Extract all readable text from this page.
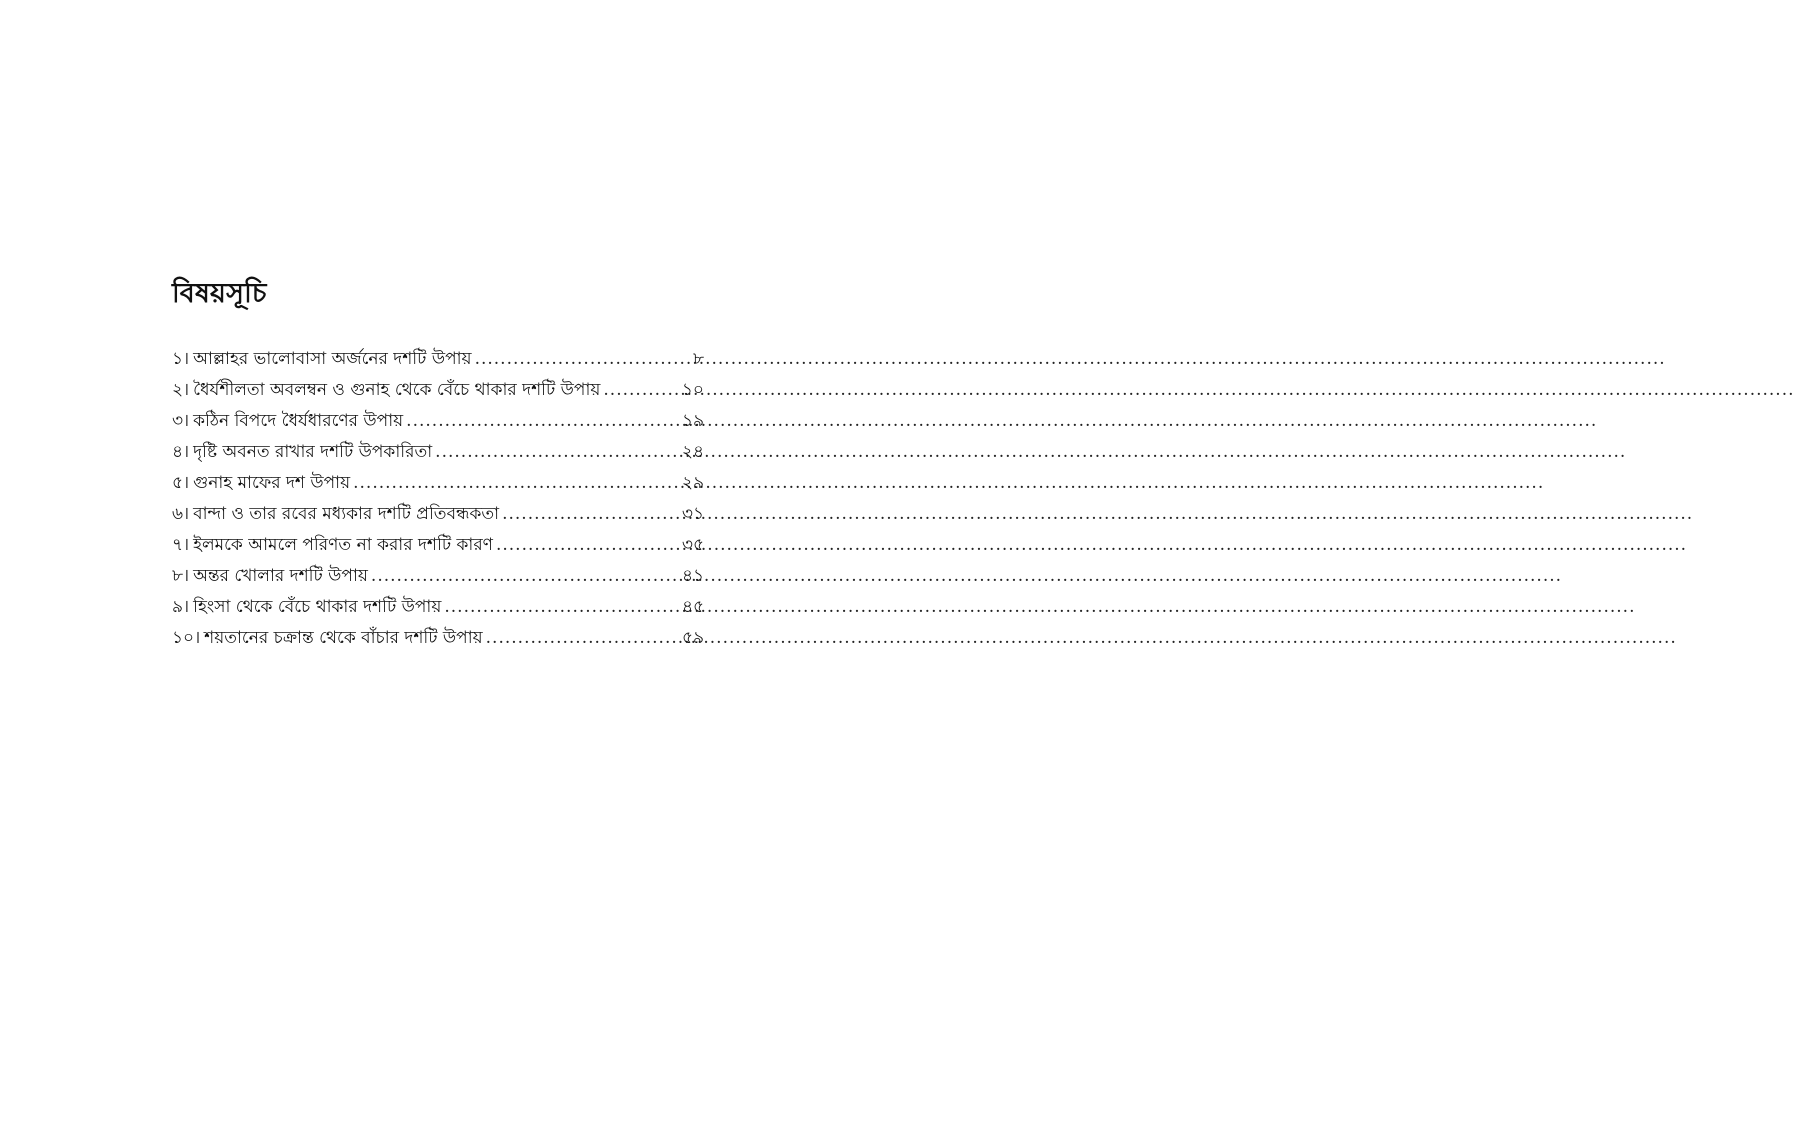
বিষয়সূচি
১। আল্লাহর ভালোবাসা অর্জনের দশটি উপায় .....	৮
২। ধৈর্যশীলতা অবলম্বন ও গুনাহ থেকে বেঁচে থাকার দশটি উপায় .....	১০
৩। কঠিন বিপদে ধৈর্যধারণের উপায় .....	১৯
৪। দৃষ্টি অবনত রাখার দশটি উপকারিতা .....	২৪
৫। গুনাহ মাফের দশ উপায় .....	২৯
৬। বান্দা ও তার রবের মধ্যকার দশটি প্রতিবন্ধকতা .....	৩১
৭। ইলমকে আমলে পরিণত না করার দশটি কারণ .....	৩৫
৮। অন্তর খোলার দশটি উপায় .....	৪১
৯। হিংসা থেকে বেঁচে থাকার দশটি উপায় .....	৪৫
১০। শয়তানের চক্রান্ত থেকে বাঁচার দশটি উপায় .....	৫৯
